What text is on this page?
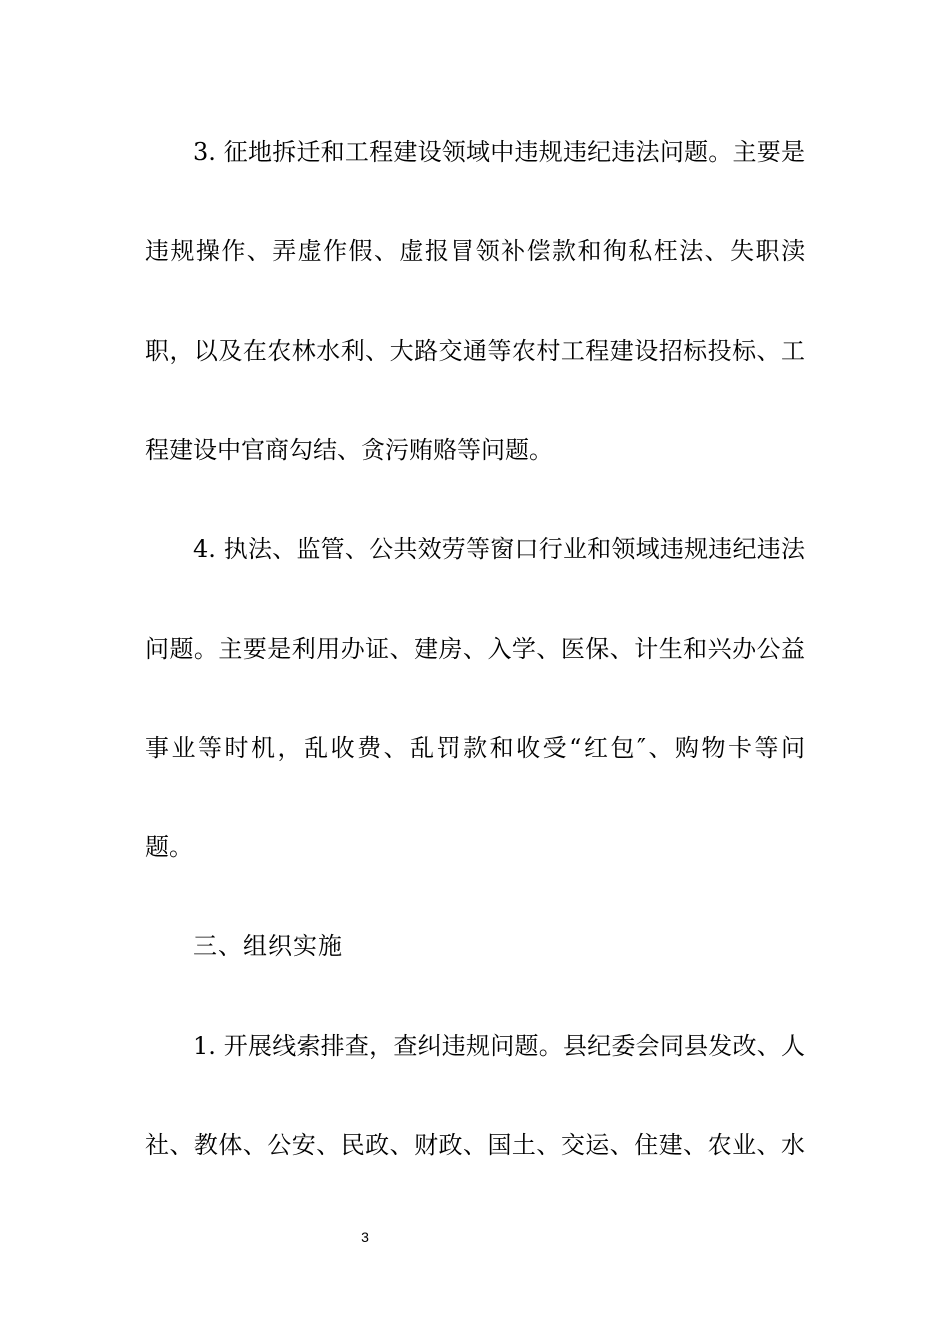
3. 征地拆迁和工程建设领域中违规违纪违法问题。主要是
违规操作、弄虚作假、虚报冒领补偿款和徇私枉法、失职渎
职，以及在农林水利、大路交通等农村工程建设招标投标、工
程建设中官商勾结、贪污贿赂等问题。
4. 执法、监管、公共效劳等窗口行业和领域违规违纪违法
问题。主要是利用办证、建房、入学、医保、计生和兴办公益
事业等时机，乱收费、乱罚款和收受“红包″、购物卡等问
题。
三、组织实施
1. 开展线索排查，查纠违规问题。县纪委会同县发改、人
社、教体、公安、民政、财政、国土、交运、住建、农业、水
3
